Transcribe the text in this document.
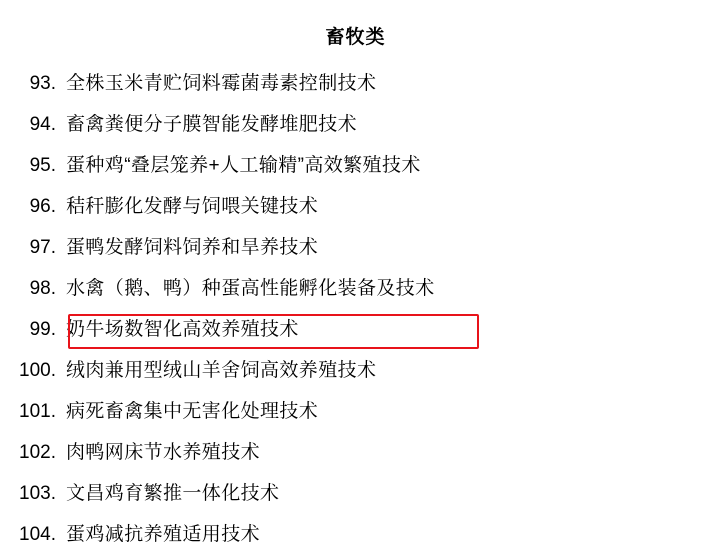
畜牧类
93. 全株玉米青贮饲料霉菌毒素控制技术
94. 畜禽粪便分子膜智能发酵堆肥技术
95. 蛋种鸡“叠层笼养+人工输精”高效繁殖技术
96. 秸秆膨化发酵与饲喂关键技术
97. 蛋鸭发酵饲料饲养和旱养技术
98. 水禽（鹅、鸭）种蛋高性能孵化装备及技术
99. 奶牛场数智化高效养殖技术
100. 绒肉兼用型绒山羊舍饲高效养殖技术
101. 病死畜禽集中无害化处理技术
102. 肉鸭网床节水养殖技术
103. 文昌鸡育繁推一体化技术
104. 蛋鸡减抗养殖适用技术
